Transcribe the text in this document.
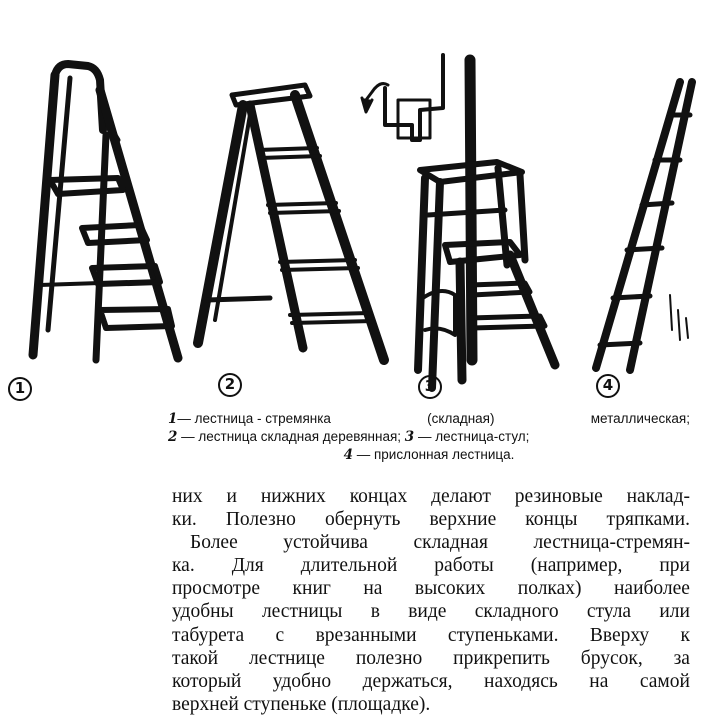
1	2	3	4
1— лестница - стремянка	(складная)	металлическая;
2 — лестница складная деревянная; 3 — лестница-стул;
4 — прислонная лестница.
них и нижних концах делают резиновые наклад-
ки. Полезно обернуть верхние концы тряпками.
Более устойчива складная лестница-стремян-
ка. Для длительной работы (например, при
просмотре книг на высоких полках) наиболее
удобны лестницы в виде складного стула или
табурета с врезанными ступеньками. Вверху к
такой лестнице полезно прикрепить брусок, за
который удобно держаться, находясь на самой
верхней ступеньке (площадке).
